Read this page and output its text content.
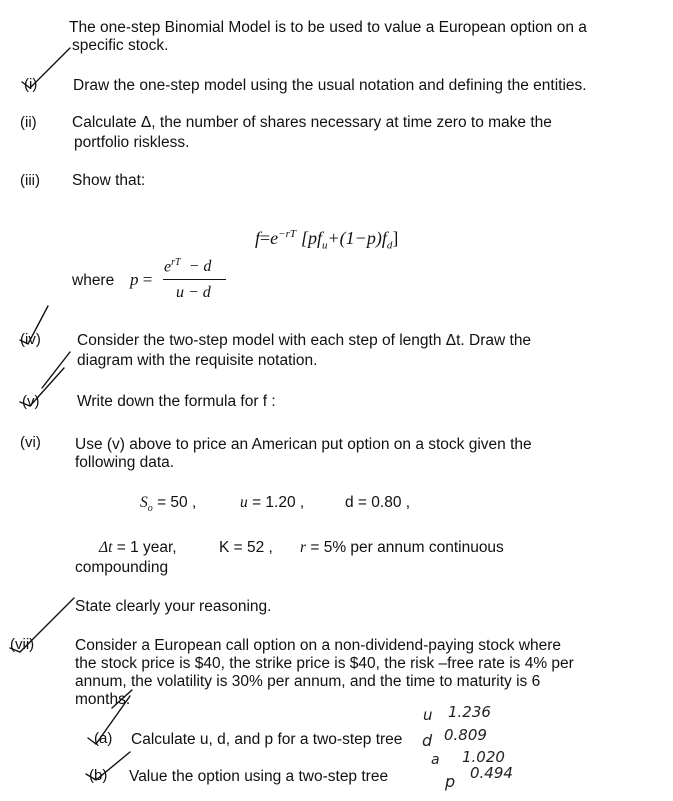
The one-step Binomial Model is to be used to value a European option on a
specific stock.
(i) Draw the one-step model using the usual notation and defining the entities.
(ii) Calculate Δ, the number of shares necessary at time zero to make the
portfolio riskless.
(iii) Show that:
$f=e^{-rT}$ $[pf_u+(1-p)f_d]$
where p =
$e^{rT} - d$
u − d
(iv) Consider the two-step model with each step of length Δt. Draw the
diagram with the requisite notation.
(v) Write down the formula for f :
(vi) Use (v) above to price an American put option on a stock given the
following data.
$S_o = 50$ ,	u = 1.20 ,	d = 0.80 ,
Δt = 1 year,	K = 52 , r = 5% per annum continuous
compounding
State clearly your reasoning.
(vii)	Consider a European call option on a non-dividend-paying stock where
the stock price is $40, the strike price is $40, the risk –free rate is 4% per
annum, the volatility is 30% per annum, and the time to maturity is 6
months.
(a) Calculate u, d, and p for a two-step tree
(b) Value the option using a two-step tree
u 1.236
d 0.809
a 1.020
p 0.494
